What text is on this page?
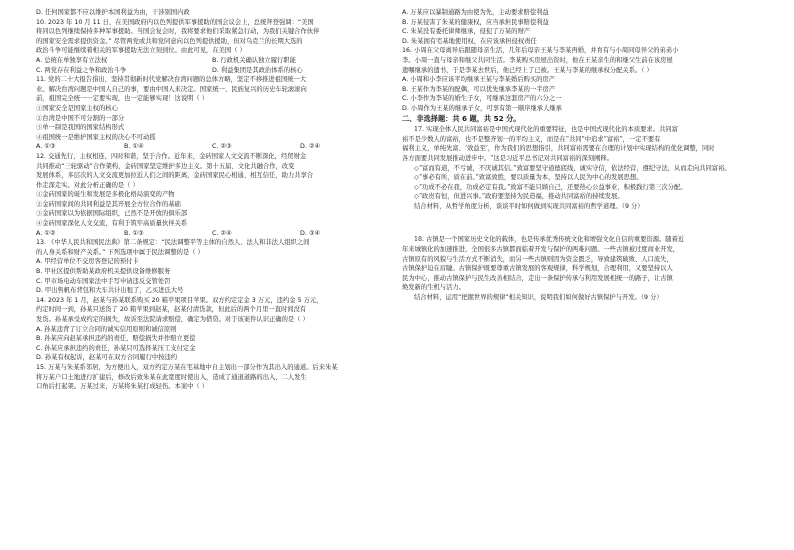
D. 任何国家都不应以维护本国利益为由，干涉别国内政

10. 2023 年 10 月 11 日，在美国政府内以色列提供军事援助的国会议会上，总统拜登强调：“美国

将同以色列继续保持多种军事援助。当国会复会时，我将要求他们采取紧急行动，为我们关键合作伙伴

的国家安全需求提供资金。” 尽管两党或共和党同意向以色列提供援助，但对乌克兰的长期大选的

政治斗争可能继续着相关的军事援助无法立刻到位。由此可见，在美国（ ）

A. 总统在单独享有立法权	B. 行政机关确认独立履行职能
C. 两党存在利益之争和政治斗争	D. 利益集团是其政治体系的核心

11. 党的二十大报告指出，坚持贯彻新时代党解决台湾问题的总体方略，坚定不移推进祖国统一大

业。解决台湾问题是中国人自己的事，要由中国人来决定。国家统一、民族复兴的历史车轮滚滚向

前，祖国完全统一一定要实现，也一定能够实现！这说明（ ）

①国家安全是国家主权的核心

②台湾是中国不可分割的一部分

③单一制是我国的国家结构形式

④祖国统一是维护国家主权的决心不可动摇

A. ①③	B. ①④	C. ②③	D. ②④

12. 交通先行，主权相连，四时和谐，坚于合作。近年来，金砖国家人文交流不断深化，经贸财金

共同推动“三轮驱动”合作架构，金砖国家坚定维护多边主义。第十五届、文化共融合作，改变

发展体系，多层次的人文交流更加拉近人们之间的距离，金砖国家民心相通、相互信任，助力共享合

作走深走实。对此分析正确的是（ ）

①金砖国家的诞生和发展是多极化格局演变的产物

②金砖国家间的共同利益是其开展全方位合作的基础

③金砖国家以为依据国际组织，已然不是开放的俱乐部

④金砖国家深化人文交流，有利于筑牢高质量伙伴关系

A. ①②	B. ①③	C. ②④	D. ③④

13. 《中华人民共和国民法典》第二条规定：“民法调整平等主体的自然人、法人和非法人组织之间

的人身关系和财产关系。” 下列选项中属于民法调整的是（ ）

A. 甲经营单位不交房客登记的预付卡

B. 甲社区提供帮助某政府机关提供设备维修服务

C. 甲市场电动车国家法中手写申请违反交管处罚

D. 甲出售帆布背包和大车共计出租了，乙买进氐大号

14. 2023 年 1 月，赵某与孙某联系购买 20 箱苹果项目苹果。双方约定定金 3 万元，违约金 5 万元，

约定时间一到，孙某只送货了 20 箱苹果到赵某，赵某付清货款，但此后的两个月里一直时间没有

发货。孙某承受成约定的损失，故诉至法院请求赔偿，确定为借贷。对于该案件认识正确的是（ ）

A. 孙某违背了订立合同的诚实信用原则和诚信原则

B. 孙某应向赵某承担违约的责任，赔偿损失并作赔立更偿

C. 孙某应承担违约的责任，孙某只可选择某压工支付定金

D. 孙某有权起诉，赵某可在双方合同履行中按违约

15. 万某与朱某系邻居，为方便出入，双方约定万某在宅基地中自主划出一部分作为其出入的通道。后来朱某

将万某户口土地进行扩建后，修改后致朱某在此宽度时使出入，造成了通道道路的出入，二人发生

口角后打起架。万某过来，万某将朱某打成轻伤。本案中（ ）

A. 万某应以暴制通路为由使为先，主动要求赔偿利益

B. 万某侵害了朱某的健康权，应当承担民事赔偿利益

C. 朱某没有委托律师继承，侵犯了万某的财产

D. 朱某拥有宅基地使用权，在应该承担侵权责任

16. 小周在父母离异后跟随母亲生活，几年后母亲王某与李某再婚，并育有与小周同母异父的弟弟小

李。小周一直与母亲和继父共同生活。李某购买房屋出资时，他在王某亲生的和继父生前在该房屋

遗嘱继承的遗书，于是李某去世后，他已经上了已被。王某与李某的继承权分配关系。（ ）

A. 小周和小李应该平均继承王某与李某婚后购买的房产

B. 王某作为李某的配偶，可以优先继承李某的一半房产

C. 小李作为李某的婚生子女，可继承这套房产的六分之一

D. 小周作为王某的继承子女，可享有第一顺序继承人继承

二、非选择题：共 6 题，共 52 分。

17. 实现全体人民共同富裕是中国式现代化的重要特征，也是中国式现代化的本质要求。共同富

裕不是少数人的富裕，也不是整齐划一的平均主义，而是在“共同”中追求“富裕”，一定不要有

福利主义，单纯先富、‘效益至’，作为我们的思想指引，共同富裕需要在合理的计划中实现结构的优化调整，同时

各方面要共同发展推动进步中。“这是习近平总书记对共同富裕的深刻阐释。

◇“富而有道，不亏诚，不厌诚其信。”致富要坚守道德底线，诚实守信，依法经营，遵纪守法，从而走向共同富裕。

◇“事必有所，质在前。”致富致胜，要以质量为本，坚持以人民为中心的发展思想。

◇“功成不必在我，功成必定有我。”致富不能只顾自己，还要热心公益事业，积极践行第三次分配。

◇“政贵有恒，但进兴事。”政府要坚持为民造福，推动共同富裕的持续发展。

结合材料，从哲学角度分析，谈谈平时如何做到实现共同富裕的哲学道理。（9 分）

18. 古镇是一个国家历史文化的载体，也是传承优秀传统文化和增强文化自信的重要资源。随着近

年来城镇化的加速推进，全国很多古镇都面临着开发与保护的两难问题。一些古镇被过度商业开发，

古镇原有的风貌与生活方式不断消失，而另一些古镇则因为资金匮乏，导致建筑破败、人口流失，

古镇保护迫在眉睫。古镇保护既要尊重古镇发展的客观规律，科学规划，合理利用，又要坚持以人

民为中心，推动古镇保护与民生改善相结合，走出一条保护传承与利用发展相统一的路子，让古镇

焕发新的生机与活力。

结合材料，运用“把握世界的规律”相关知识，说明我们如何做好古镇保护与开发。（9 分）
